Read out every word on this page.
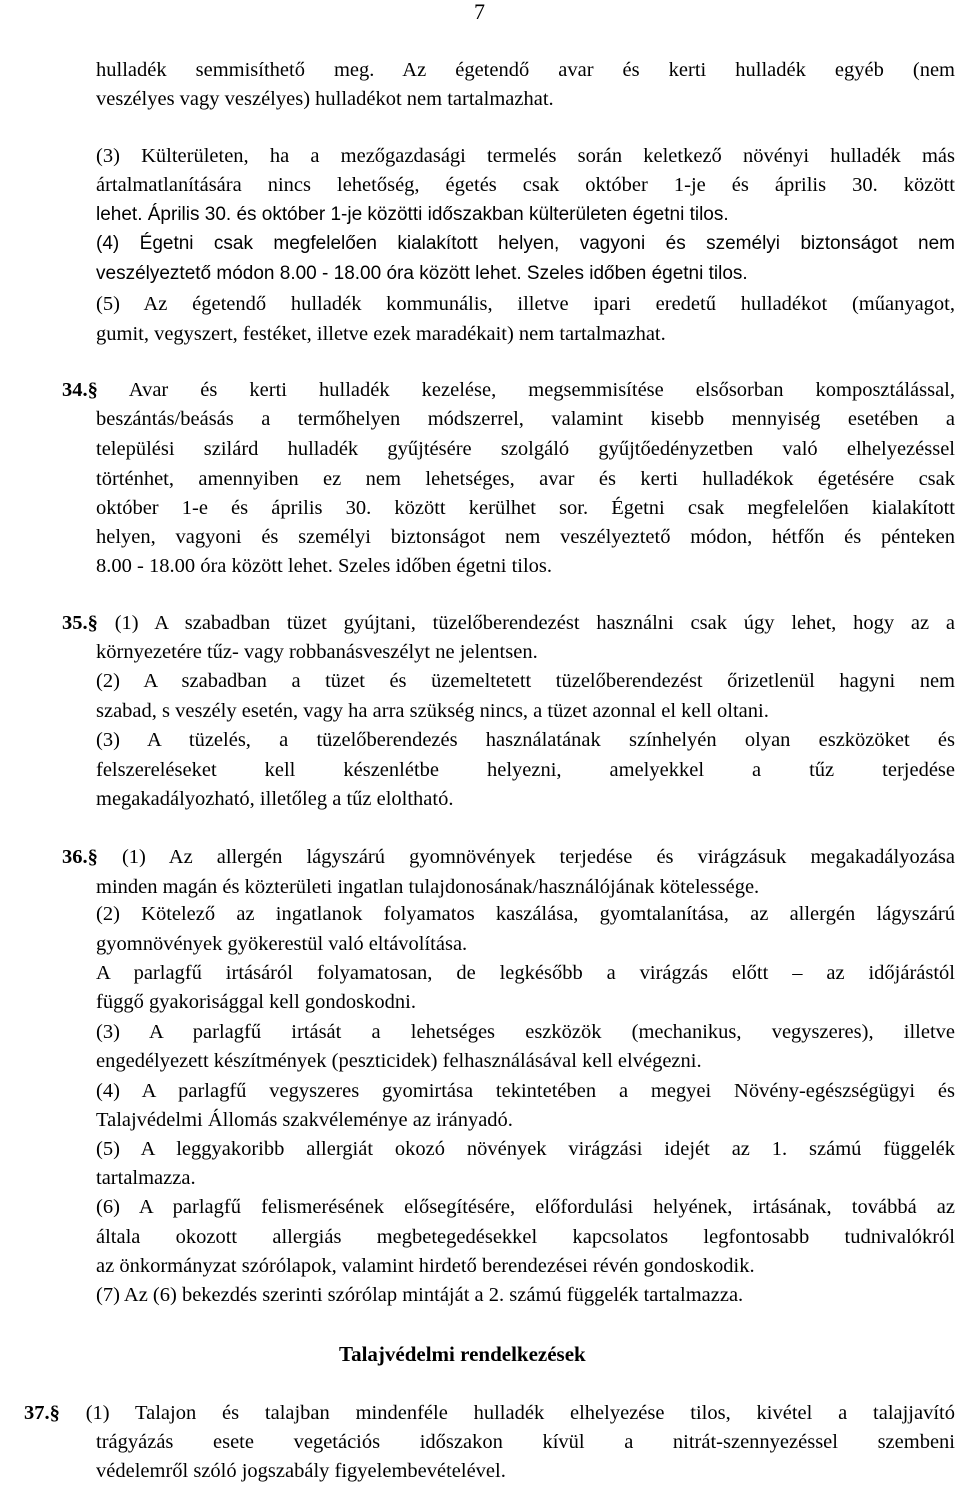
7
hulladék semmisíthető meg. Az égetendő avar és kerti hulladék egyéb (nem
veszélyes vagy veszélyes) hulladékot nem tartalmazhat.
(3) Külterületen, ha a mezőgazdasági termelés során keletkező növényi hulladék más
ártalmatlanítására nincs lehetőség, égetés csak október 1-je és április 30. között
lehet. Április 30. és október 1-je közötti időszakban külterületen égetni tilos.
(4) Égetni csak megfelelően kialakított helyen, vagyoni és személyi biztonságot nem
veszélyeztető módon 8.00 - 18.00 óra között lehet. Szeles időben égetni tilos.
(5) Az égetendő hulladék kommunális, illetve ipari eredetű hulladékot (műanyagot,
gumit, vegyszert, festéket, illetve ezek maradékait) nem tartalmazhat.
34.§ Avar és kerti hulladék kezelése, megsemmisítése elsősorban komposztálással,
beszántás/beásás a termőhelyen módszerrel, valamint kisebb mennyiség esetében a
települési szilárd hulladék gyűjtésére szolgáló gyűjtőedényzetben való elhelyezéssel
történhet, amennyiben ez nem lehetséges, avar és kerti hulladékok égetésére csak
október 1-e és április 30. között kerülhet sor. Égetni csak megfelelően kialakított
helyen, vagyoni és személyi biztonságot nem veszélyeztető módon, hétfőn és pénteken
8.00 - 18.00 óra között lehet. Szeles időben égetni tilos.
35.§ (1) A szabadban tüzet gyújtani, tüzelőberendezést használni csak úgy lehet, hogy az a
környezetére tűz- vagy robbanásveszélyt ne jelentsen.
(2) A szabadban a tüzet és üzemeltetett tüzelőberendezést őrizetlenül hagyni nem
szabad, s veszély esetén, vagy ha arra szükség nincs, a tüzet azonnal el kell oltani.
(3) A tüzelés, a tüzelőberendezés használatának színhelyén olyan eszközöket és
felszereléseket kell készenlétbe helyezni, amelyekkel a tűz terjedése
megakadályozható, illetőleg a tűz eloltható.
36.§ (1) Az allergén lágyszárú gyomnövények terjedése és virágzásuk megakadályozása
minden magán és közterületi ingatlan tulajdonosának/használójának kötelessége.
(2) Kötelező az ingatlanok folyamatos kaszálása, gyomtalanítása, az allergén lágyszárú
gyomnövények gyökerestül való eltávolítása.
A parlagfű irtásáról folyamatosan, de legkésőbb a virágzás előtt – az időjárástól
függő gyakorisággal kell gondoskodni.
(3) A parlagfű irtását a lehetséges eszközök (mechanikus, vegyszeres), illetve
engedélyezett készítmények (peszticidek) felhasználásával kell elvégezni.
(4) A parlagfű vegyszeres gyomirtása tekintetében a megyei Növény-egészségügyi és
Talajvédelmi Állomás szakvéleménye az irányadó.
(5) A leggyakoribb allergiát okozó növények virágzási idejét az 1. számú függelék
tartalmazza.
(6) A parlagfű felismerésének elősegítésére, előfordulási helyének, irtásának, továbbá az
általa okozott allergiás megbetegedésekkel kapcsolatos legfontosabb tudnivalókról
az önkormányzat szórólapok, valamint hirdető berendezései révén gondoskodik.
(7) Az (6) bekezdés szerinti szórólap mintáját a 2. számú függelék tartalmazza.
Talajvédelmi rendelkezések
37.§ (1) Talajon és talajban mindenféle hulladék elhelyezése tilos, kivétel a talajjavító
trágyázás esete vegetációs időszakon kívül a nitrát-szennyezéssel szembeni
védelemről szóló jogszabály figyelembevételével.
